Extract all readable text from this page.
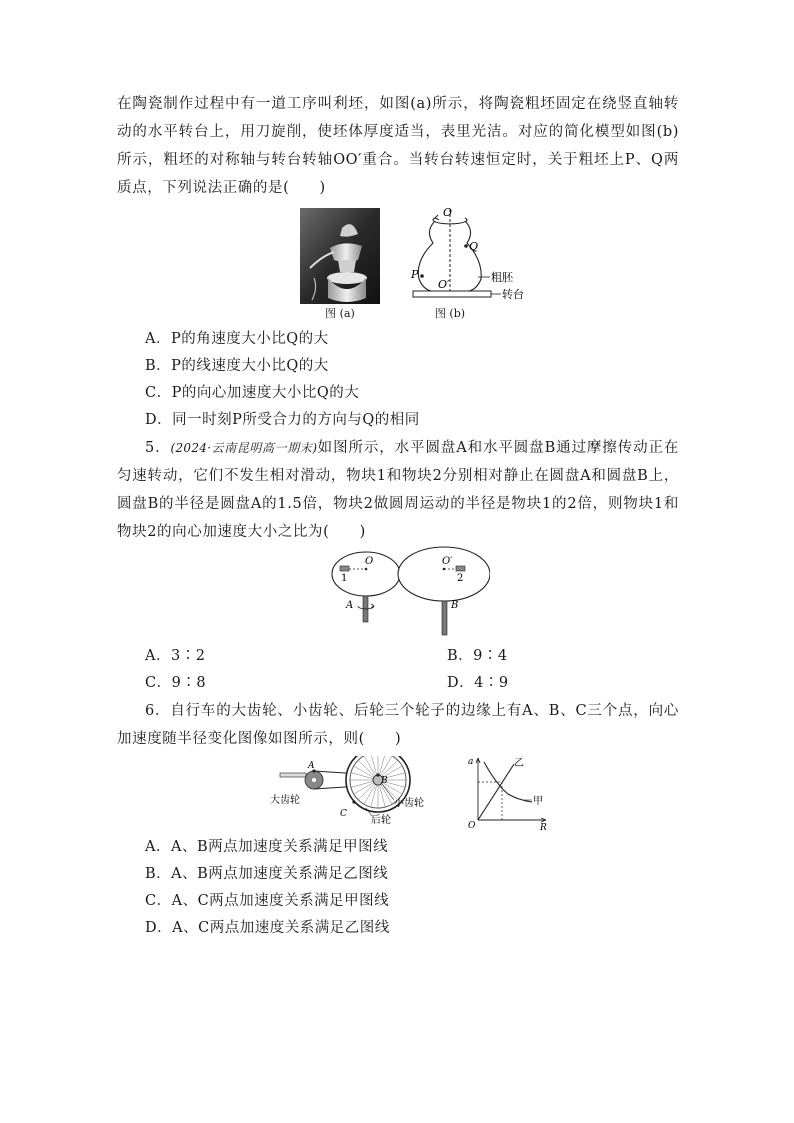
在陶瓷制作过程中有一道工序叫利坯，如图(a)所示，将陶瓷粗坯固定在绕竖直轴转动的水平转台上，用刀旋削，使坯体厚度适当，表里光洁。对应的简化模型如图(b)所示，粗坯的对称轴与转台转轴OO′重合。当转台转速恒定时，关于粗坯上P、Q两质点，下列说法正确的是(　　)
图 (a)
O
Q
P
O′
粗胚
转台
图 (b)
A．P的角速度大小比Q的大
B．P的线速度大小比Q的大
C．P的向心加速度大小比Q的大
D．同一时刻P所受合力的方向与Q的相同
5．(2024·云南昆明高一期末)如图所示，水平圆盘A和水平圆盘B通过摩擦传动正在匀速转动，它们不发生相对滑动，物块1和物块2分别相对静止在圆盘A和圆盘B上，圆盘B的半径是圆盘A的1.5倍，物块2做圆周运动的半径是物块1的2倍，则物块1和物块2的向心加速度大小之比为(　　)
O	O′
1	2
A	B
A．3∶2	B．9∶4
C．9∶8	D．4∶9
6．自行车的大齿轮、小齿轮、后轮三个轮子的边缘上有A、B、C三个点，向心加速度随半径变化图像如图所示，则(　　)
A
B
C
大齿轮	小齿轮
后轮
a
O	R
乙
甲
A．A、B两点加速度关系满足甲图线
B．A、B两点加速度关系满足乙图线
C．A、C两点加速度关系满足甲图线
D．A、C两点加速度关系满足乙图线
